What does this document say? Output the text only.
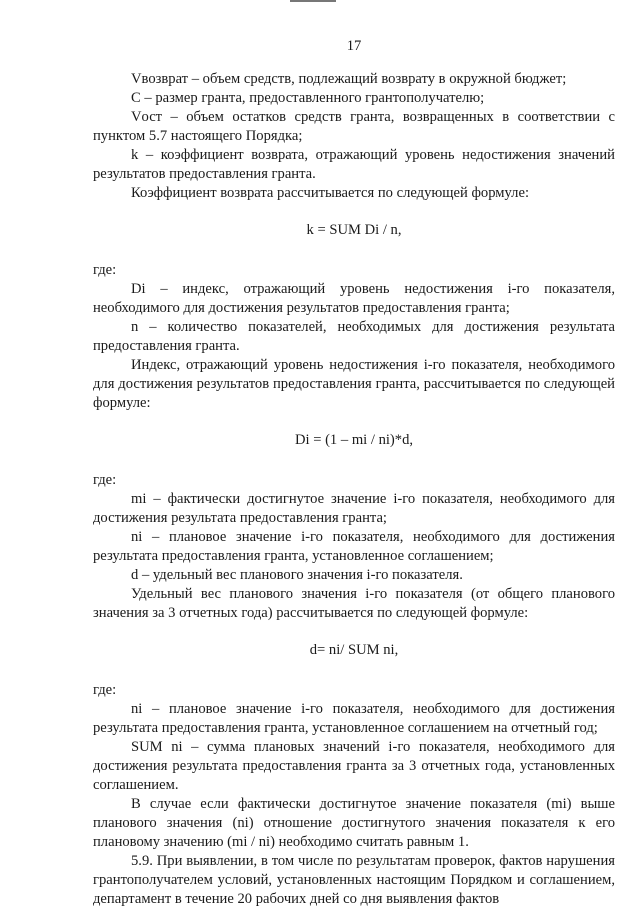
17

Vвозврат – объем средств, подлежащий возврату в окружной бюджет;

C – размер гранта, предоставленного грантополучателю;

Vост – объем остатков средств гранта, возвращенных в соответствии с пунктом 5.7 настоящего Порядка;

k – коэффициент возврата, отражающий уровень недостижения значений результатов предоставления гранта.

Коэффициент возврата рассчитывается по следующей формуле:

k = SUM Di / n,

где:

Di – индекс, отражающий уровень недостижения i-го показателя, необходимого для достижения результатов предоставления гранта;

n – количество показателей, необходимых для достижения результата предоставления гранта.

Индекс, отражающий уровень недостижения i-го показателя, необходимого для достижения результатов предоставления гранта, рассчитывается по следующей формуле:

Di = (1 – mi / ni)*d,

где:

mi – фактически достигнутое значение i-го показателя, необходимого для достижения результата предоставления гранта;

ni – плановое значение i-го показателя, необходимого для достижения результата предоставления гранта, установленное соглашением;

d – удельный вес планового значения i-го показателя.

Удельный вес планового значения i-го показателя (от общего планового значения за 3 отчетных года) рассчитывается по следующей формуле:

d= ni/ SUM ni,

где:

ni – плановое значение i-го показателя, необходимого для достижения результата предоставления гранта, установленное соглашением на отчетный год;

SUM ni – сумма плановых значений i-го показателя, необходимого для достижения результата предоставления гранта за 3 отчетных года, установленных соглашением.

В случае если фактически достигнутое значение показателя (mi) выше планового значения (ni) отношение достигнутого значения показателя к его плановому значению (mi / ni) необходимо считать равным 1.

5.9. При выявлении, в том числе по результатам проверок, фактов нарушения грантополучателем условий, установленных настоящим Порядком и соглашением, департамент в течение 20 рабочих дней со дня выявления фактов
